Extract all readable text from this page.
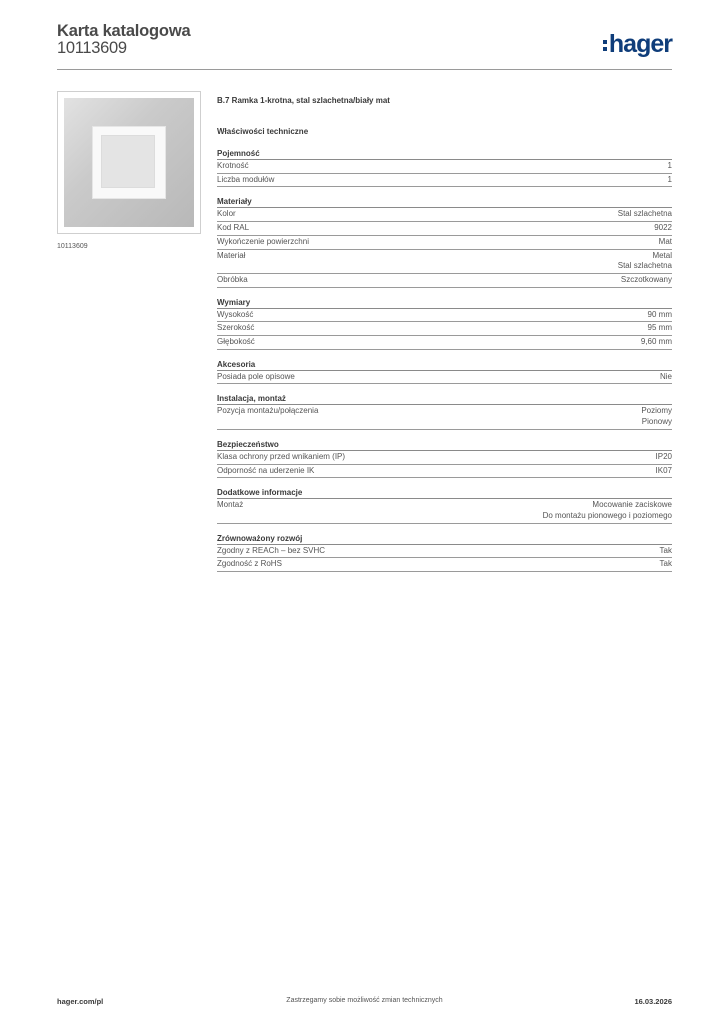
Karta katalogowa
10113609	hager
10113609
B.7 Ramka 1-krotna, stal szlachetna/biały mat
Właściwości techniczne
Pojemność
Krotność	1
Liczba modułów	1
Materiały
Kolor	Stal szlachetna
Kod RAL	9022
Wykończenie powierzchni	Mat
Materiał	Metal
Stal szlachetna
Obróbka	Szczotkowany
Wymiary
Wysokość	90 mm
Szerokość	95 mm
Głębokość	9,60 mm
Akcesoria
Posiada pole opisowe	Nie
Instalacja, montaż
Pozycja montażu/połączenia	Poziomy
Pionowy
Bezpieczeństwo
Klasa ochrony przed wnikaniem (IP)	IP20
Odporność na uderzenie IK	IK07
Dodatkowe informacje
Montaż	Mocowanie zaciskowe
Do montażu pionowego i poziomego
Zrównoważony rozwój
Zgodny z REACh – bez SVHC	Tak
Zgodność z RoHS	Tak
hager.com/pl	Zastrzegamy sobie możliwość zmian technicznych	16.03.2026
